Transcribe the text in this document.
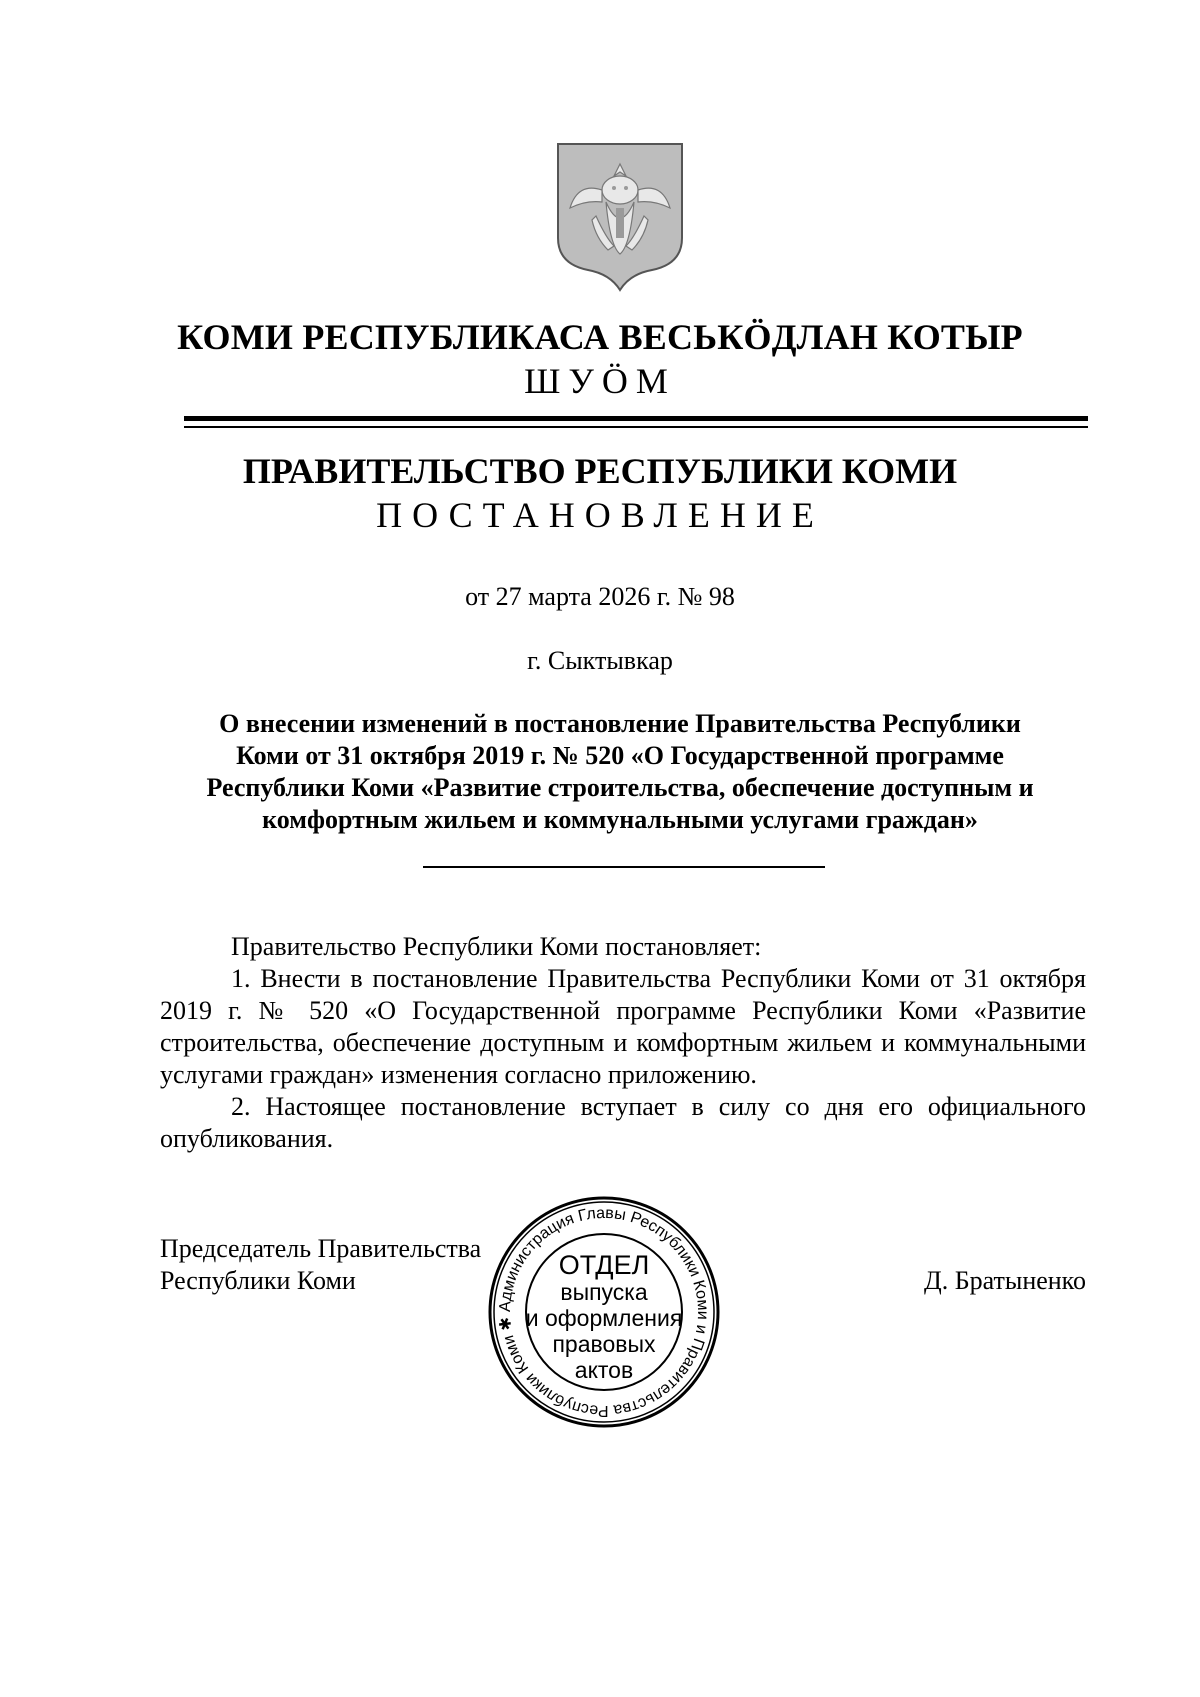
КОМИ РЕСПУБЛИКАСА ВЕСЬКӦДЛАН КОТЫР
ШУӦМ
ПРАВИТЕЛЬСТВО РЕСПУБЛИКИ КОМИ
ПОСТАНОВЛЕНИЕ
от 27 марта 2026 г. № 98
г. Сыктывкар
О внесении изменений в постановление Правительства Республики
Коми от 31 октября 2019 г. № 520 «О Государственной программе
Республики Коми «Развитие строительства, обеспечение доступным и
комфортным жильем и коммунальными услугами граждан»

Правительство Республики Коми постановляет:

1. Внести в постановление Правительства Республики Коми от 31 октября 2019 г. № 520 «О Государственной программе Республики Коми «Развитие строительства, обеспечение доступным и комфортным жильем и коммунальными услугами граждан» изменения согласно приложению.

2. Настоящее постановление вступает в силу со дня его официального опубликования.

Председатель Правительства
Республики Коми	Д. Братыненко
Администрация Главы Республики Коми и Правительства Республики Коми ✱
ОТДЕЛ
выпуска
и оформления
правовых
актов
